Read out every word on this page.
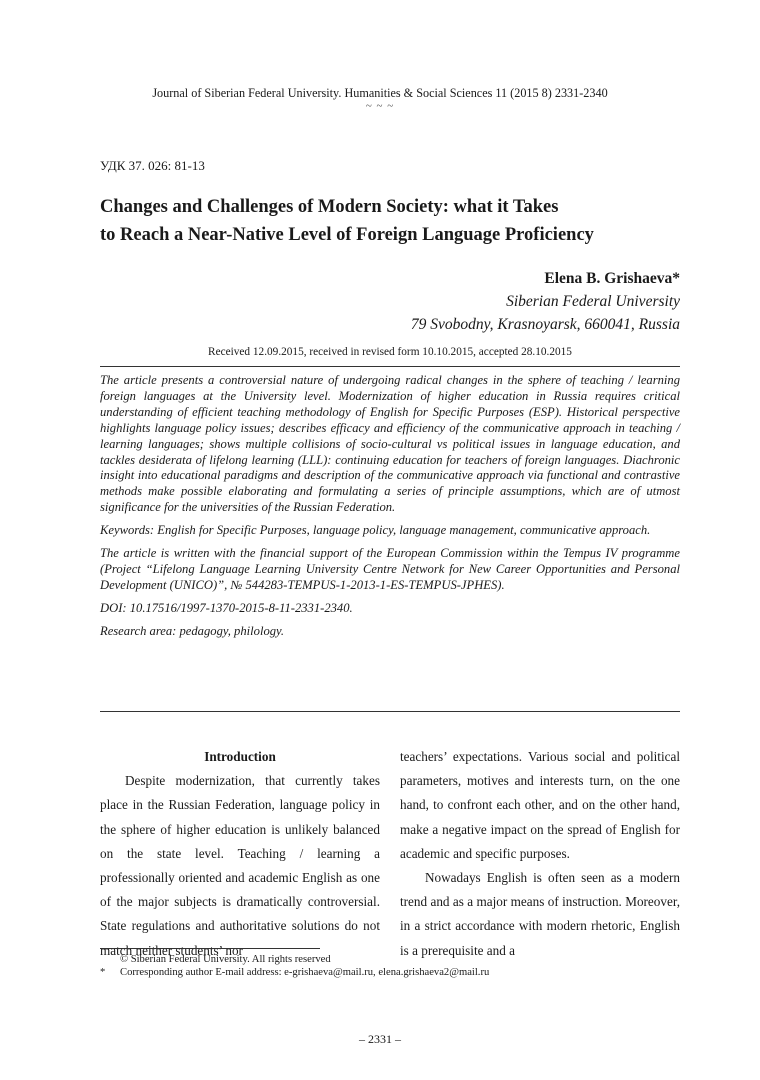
Journal of Siberian Federal University. Humanities & Social Sciences 11 (2015 8) 2331-2340
~ ~ ~
УДК 37. 026: 81-13
Changes and Challenges of Modern Society: what it Takes
to Reach a Near-Native Level of Foreign Language Proficiency
Elena B. Grishaeva*
Siberian Federal University
79 Svobodny, Krasnoyarsk, 660041, Russia
Received 12.09.2015, received in revised form 10.10.2015, accepted 28.10.2015

The article presents a controversial nature of undergoing radical changes in the sphere of teaching / learning foreign languages at the University level. Modernization of higher education in Russia requires critical understanding of efficient teaching methodology of English for Specific Purposes (ESP). Historical perspective highlights language policy issues; describes efficacy and efficiency of the communicative approach in teaching / learning languages; shows multiple collisions of socio-cultural vs political issues in language education, and tackles desiderata of lifelong learning (LLL): continuing education for teachers of foreign languages. Diachronic insight into educational paradigms and description of the communicative approach via functional and contrastive methods make possible elaborating and formulating a series of principle assumptions, which are of utmost significance for the universities of the Russian Federation.

Keywords: English for Specific Purposes, language policy, language management, communicative approach.

The article is written with the financial support of the European Commission within the Tempus IV programme (Project “Lifelong Language Learning University Centre Network for New Career Opportunities and Personal Development (UNICO)”, № 544283-TEMPUS-1-2013-1-ES-TEMPUS-JPHES).

DOI: 10.17516/1997-1370-2015-8-11-2331-2340.

Research area: pedagogy, philology.

Introduction

Despite modernization, that currently takes place in the Russian Federation, language policy in the sphere of higher education is unlikely balanced on the state level. Teaching / learning a professionally oriented and academic English as one of the major subjects is dramatically controversial. State regulations and authoritative solutions do not match neither students’ nor

teachers’ expectations. Various social and political parameters, motives and interests turn, on the one hand, to confront each other, and on the other hand, make a negative impact on the spread of English for academic and specific purposes.

Nowadays English is often seen as a modern trend and as a major means of instruction. Moreover, in a strict accordance with modern rhetoric, English is a prerequisite and a

© Siberian Federal University. All rights reserved
* Corresponding author E-mail address: e-grishaeva@mail.ru, elena.grishaeva2@mail.ru
– 2331 –
